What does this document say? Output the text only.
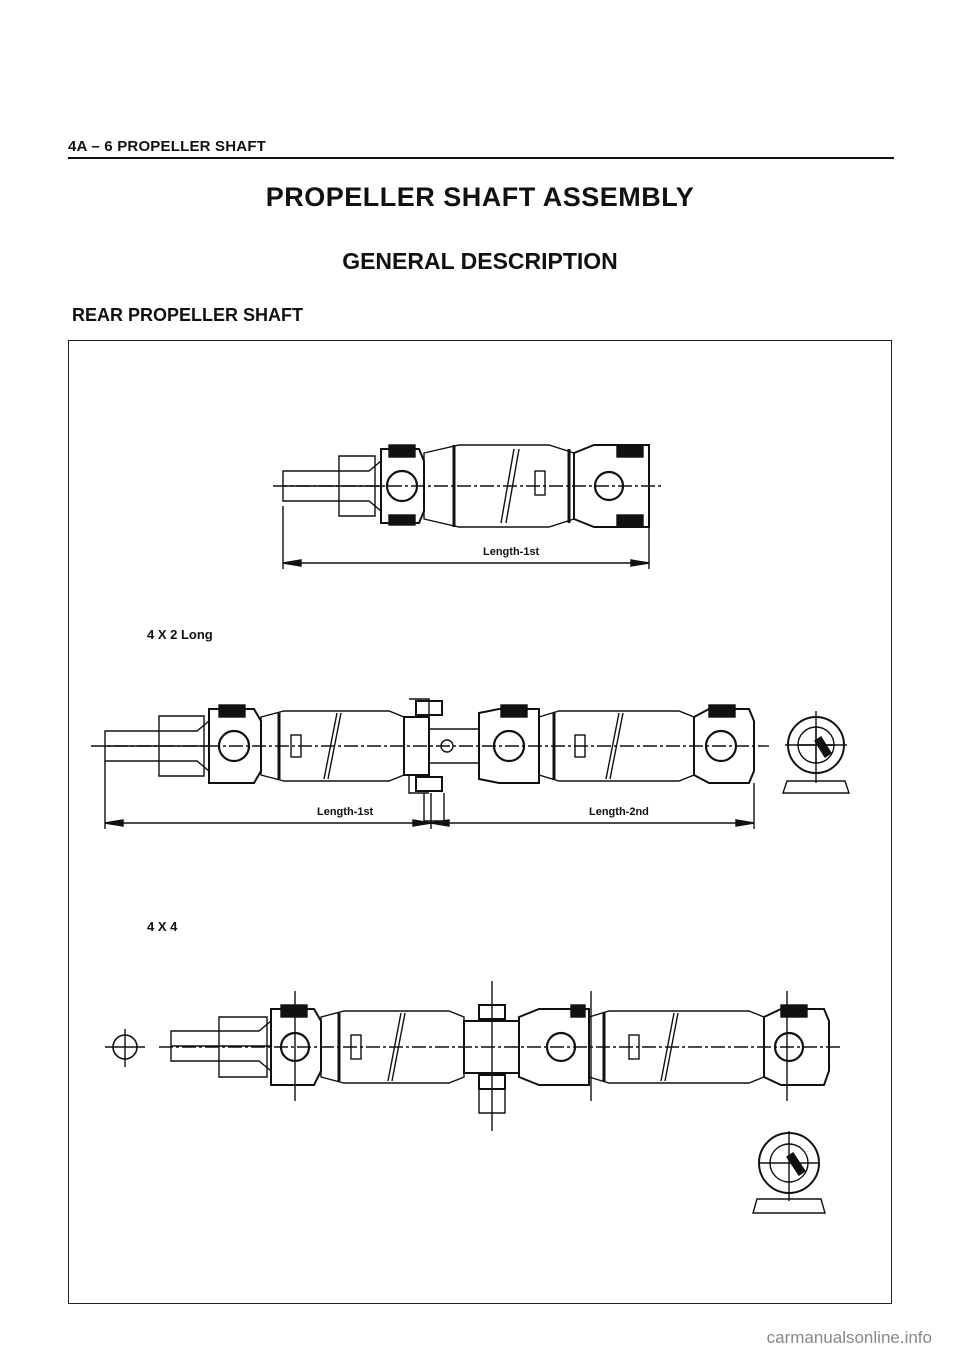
4A – 6 PROPELLER SHAFT
PROPELLER SHAFT ASSEMBLY
GENERAL DESCRIPTION
REAR PROPELLER SHAFT
Length-1st
Length-1st	Length-2nd
4 X 2 Long
4 X 4
carmanualsonline.info
